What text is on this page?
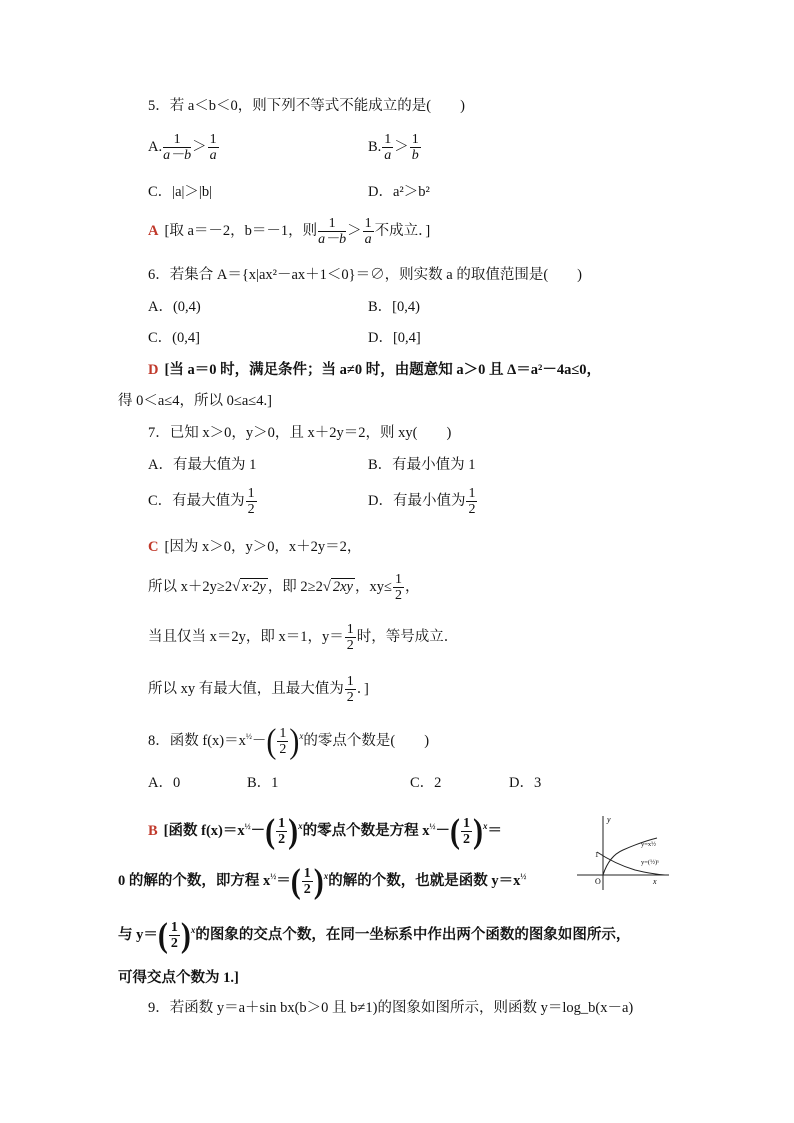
5．若 a＜b＜0，则下列不等式不能成立的是(　　)
A. $\frac{1}{a-b} > \frac{1}{a}$	B. $\frac{1}{a} > \frac{1}{b}$
C．|a|＞|b|	D．a²＞b²
A [取 a＝－2，b＝－1，则 $\frac{1}{a-b} > \frac{1}{a}$ 不成立．]
6．若集合 A＝{x|ax²－ax＋1＜0}＝∅，则实数 a 的取值范围是(　　)
A．(0,4)	B．[0,4)
C．(0,4]	D．[0,4]
D [当 a＝0 时，满足条件；当 a≠0 时，由题意知 a＞0 且 Δ＝a²－4a≤0，
得 0＜a≤4，所以 0≤a≤4.]
7．已知 x＞0，y＞0，且 x＋2y＝2，则 xy(　　)
A．有最大值为 1	B．有最小值为 1
C．有最大值为 $\frac{1}{2}$	D．有最小值为 $\frac{1}{2}$
C [因为 x＞0，y＞0，x＋2y＝2，
所以 x＋2y≥2√ x·2y ，即 2≥2√ 2xy ，$xy\le \frac{1}{2}$ ，
当且仅当 x＝2y，即 x＝1，$y= \frac{1}{2}$ 时，等号成立．
所以 xy 有最大值，且最大值为 $\frac{1}{2}$ ．]
8．函数 $f(x)=x^{\frac{1}{2}}-( \frac{1}{2} )^x$的零点个数是(　　)
A．0	B．1	C．2	D．3
B [函数 $f(x)=x^{\frac{1}{2}}-( \frac{1}{2} )^x$的零点个数是方程 $x^{\frac{1}{2}}-( \frac{1}{2} )^x=$
0 的解的个数，即方程 $x^{\frac{1}{2}}=( \frac{1}{2} )^x$的解的个数，也就是函数 $y=x^{\frac{1}{2}}$
与 $y=( \frac{1}{2} )^x$的图象的交点个数，在同一坐标系中作出两个函数的图象如图所示，
可得交点个数为 1.]
y
x
O
1
y=x½
y=(½)ˣ
9．若函数 y＝a＋sin bx(b＞0 且 b≠1)的图象如图所示，则函数 y＝log_b(x－a)
